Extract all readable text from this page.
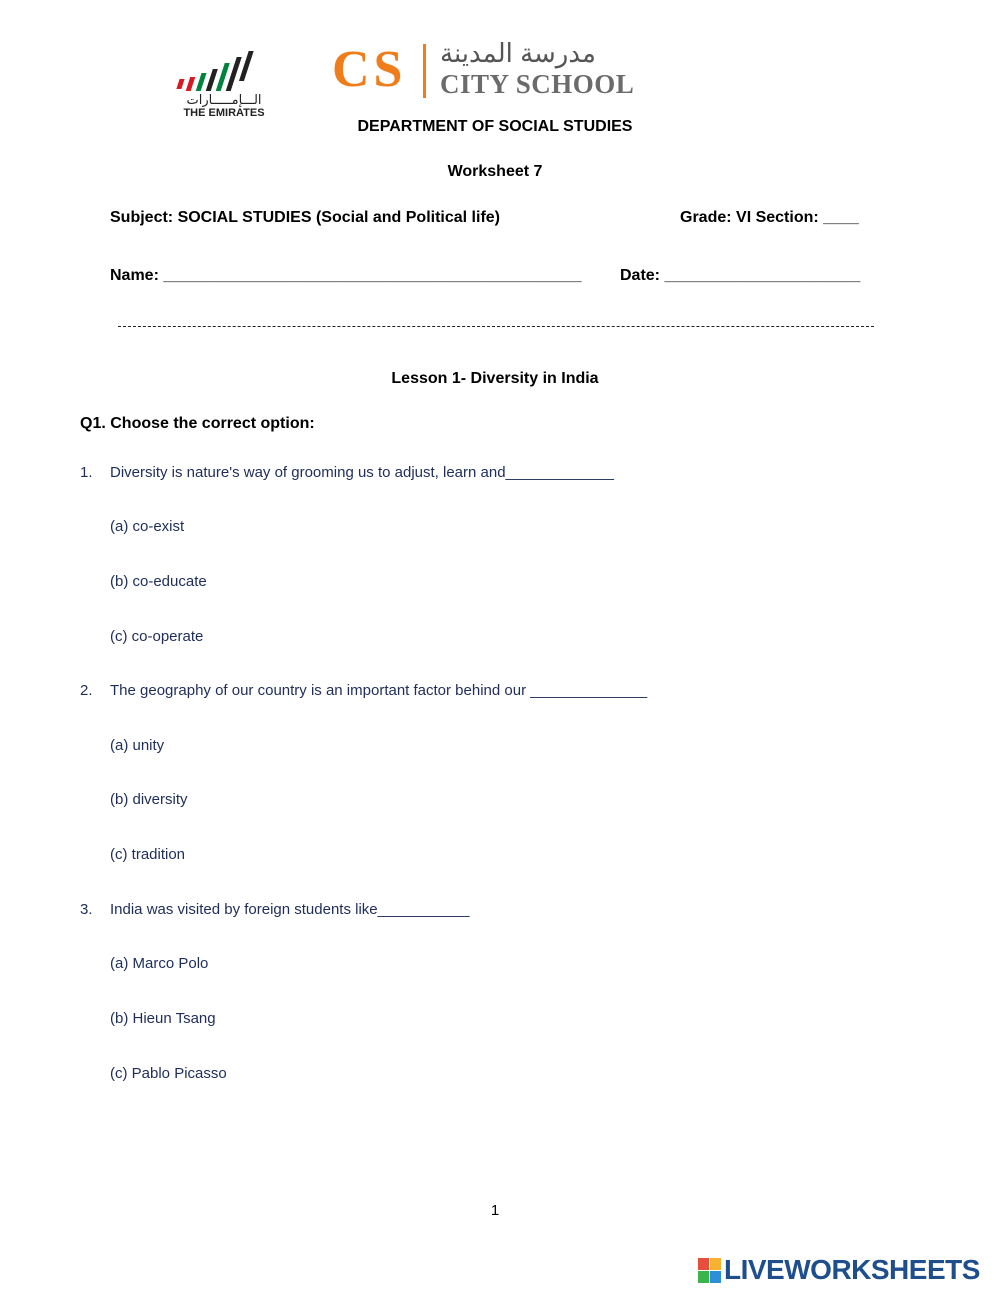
الـــإمـــــارات
THE EMIRATES
CS مدرسة المدينة
CITY SCHOOL
DEPARTMENT OF SOCIAL STUDIES
Worksheet 7
Subject: SOCIAL STUDIES (Social and Political life)	Grade: VI Section: ____
Name: _______________________________________________ Date: ______________________
Lesson 1- Diversity in India
Q1. Choose the correct option:
1. Diversity is nature's way of grooming us to adjust, learn and_____________
(a) co-exist
(b) co-educate
(c) co-operate
2. The geography of our country is an important factor behind our ______________
(a) unity
(b) diversity
(c) tradition
3. India was visited by foreign students like___________
(a) Marco Polo
(b) Hieun Tsang
(c) Pablo Picasso
1
LIVEWORKSHEETS
